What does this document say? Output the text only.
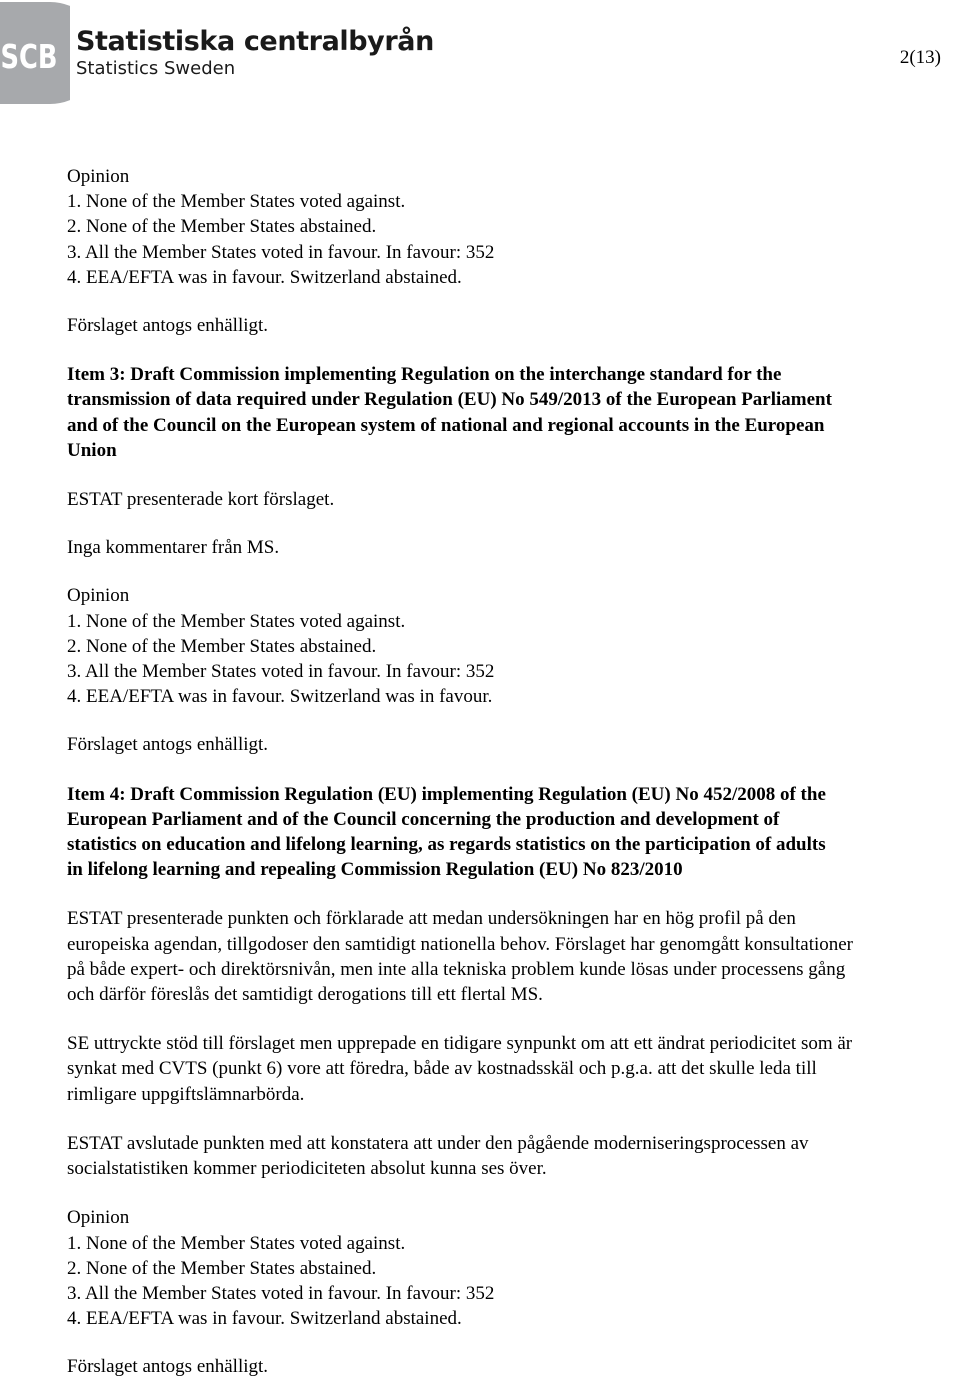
SCB Statistiska centralbyrån
Statistics Sweden
2(13)
Opinion
1. None of the Member States voted against.
2. None of the Member States abstained.
3. All the Member States voted in favour. In favour: 352
4. EEA/EFTA was in favour. Switzerland abstained.
Förslaget antogs enhälligt.
Item 3: Draft Commission implementing Regulation on the interchange standard for the
transmission of data required under Regulation (EU) No 549/2013 of the European Parliament
and of the Council on the European system of national and regional accounts in the European
Union
ESTAT presenterade kort förslaget.
Inga kommentarer från MS.
Opinion
1. None of the Member States voted against.
2. None of the Member States abstained.
3. All the Member States voted in favour. In favour: 352
4. EEA/EFTA was in favour. Switzerland was in favour.
Förslaget antogs enhälligt.
Item 4: Draft Commission Regulation (EU) implementing Regulation (EU) No 452/2008 of the
European Parliament and of the Council concerning the production and development of
statistics on education and lifelong learning, as regards statistics on the participation of adults
in lifelong learning and repealing Commission Regulation (EU) No 823/2010
ESTAT presenterade punkten och förklarade att medan undersökningen har en hög profil på den
europeiska agendan, tillgodoser den samtidigt nationella behov. Förslaget har genomgått konsultationer
på både expert- och direktörsnivån, men inte alla tekniska problem kunde lösas under processens gång
och därför föreslås det samtidigt derogations till ett flertal MS.
SE uttryckte stöd till förslaget men upprepade en tidigare synpunkt om att ett ändrat periodicitet som är
synkat med CVTS (punkt 6) vore att föredra, både av kostnadsskäl och p.g.a. att det skulle leda till
rimligare uppgiftslämnarbörda.
ESTAT avslutade punkten med att konstatera att under den pågående moderniseringsprocessen av
socialstatistiken kommer periodiciteten absolut kunna ses över.
Opinion
1. None of the Member States voted against.
2. None of the Member States abstained.
3. All the Member States voted in favour. In favour: 352
4. EEA/EFTA was in favour. Switzerland abstained.
Förslaget antogs enhälligt.
